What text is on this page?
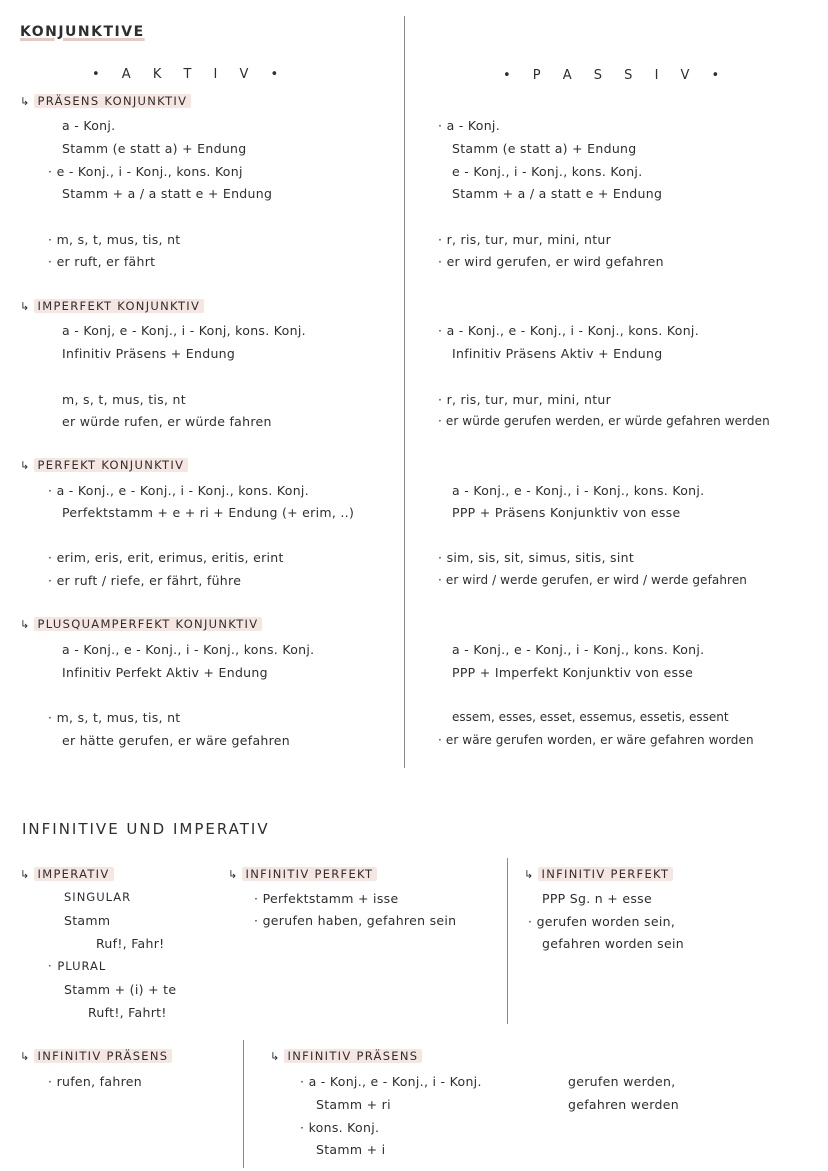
KONJUNKTIVE
• A K T I V •	• P A S S I V •
↳ PRÄSENS KONJUNKTIV
a - Konj.
Stamm (e statt a) + Endung
· e - Konj., i - Konj., kons. Konj
Stamm + a / a statt e + Endung
· m, s, t, mus, tis, nt
· er ruft, er fährt
· a - Konj.
Stamm (e statt a) + Endung
e - Konj., i - Konj., kons. Konj.
Stamm + a / a statt e + Endung
· r, ris, tur, mur, mini, ntur
· er wird gerufen, er wird gefahren
↳ IMPERFEKT KONJUNKTIV
a - Konj, e - Konj., i - Konj, kons. Konj.
Infinitiv Präsens + Endung
m, s, t, mus, tis, nt
er würde rufen, er würde fahren
· a - Konj., e - Konj., i - Konj., kons. Konj.
Infinitiv Präsens Aktiv + Endung
· r, ris, tur, mur, mini, ntur
· er würde gerufen werden, er würde gefahren werden
↳ PERFEKT KONJUNKTIV
· a - Konj., e - Konj., i - Konj., kons. Konj.
Perfektstamm + e + ri + Endung (+ erim, ..)
· erim, eris, erit, erimus, eritis, erint
· er ruft / riefe, er fährt, führe
a - Konj., e - Konj., i - Konj., kons. Konj.
PPP + Präsens Konjunktiv von esse
· sim, sis, sit, simus, sitis, sint
· er wird / werde gerufen, er wird / werde gefahren
↳ PLUSQUAMPERFEKT KONJUNKTIV
a - Konj., e - Konj., i - Konj., kons. Konj.
Infinitiv Perfekt Aktiv + Endung
· m, s, t, mus, tis, nt
er hätte gerufen, er wäre gefahren
a - Konj., e - Konj., i - Konj., kons. Konj.
PPP + Imperfekt Konjunktiv von esse
essem, esses, esset, essemus, essetis, essent
· er wäre gerufen worden, er wäre gefahren worden
INFINITIVE UND IMPERATIV
↳ IMPERATIV
SINGULAR
Stamm
Ruf!, Fahr!
· PLURAL
Stamm + (i) + te
Ruft!, Fahrt!
↳ INFINITIV PERFEKT
· Perfektstamm + isse
· gerufen haben, gefahren sein
↳ INFINITIV PERFEKT
PPP Sg. n + esse
· gerufen worden sein,
gefahren worden sein
↳ INFINITIV PRÄSENS
· rufen, fahren
↳ INFINITIV PRÄSENS
· a - Konj., e - Konj., i - Konj.
Stamm + ri
· kons. Konj.
Stamm + i
gerufen werden,
gefahren werden
